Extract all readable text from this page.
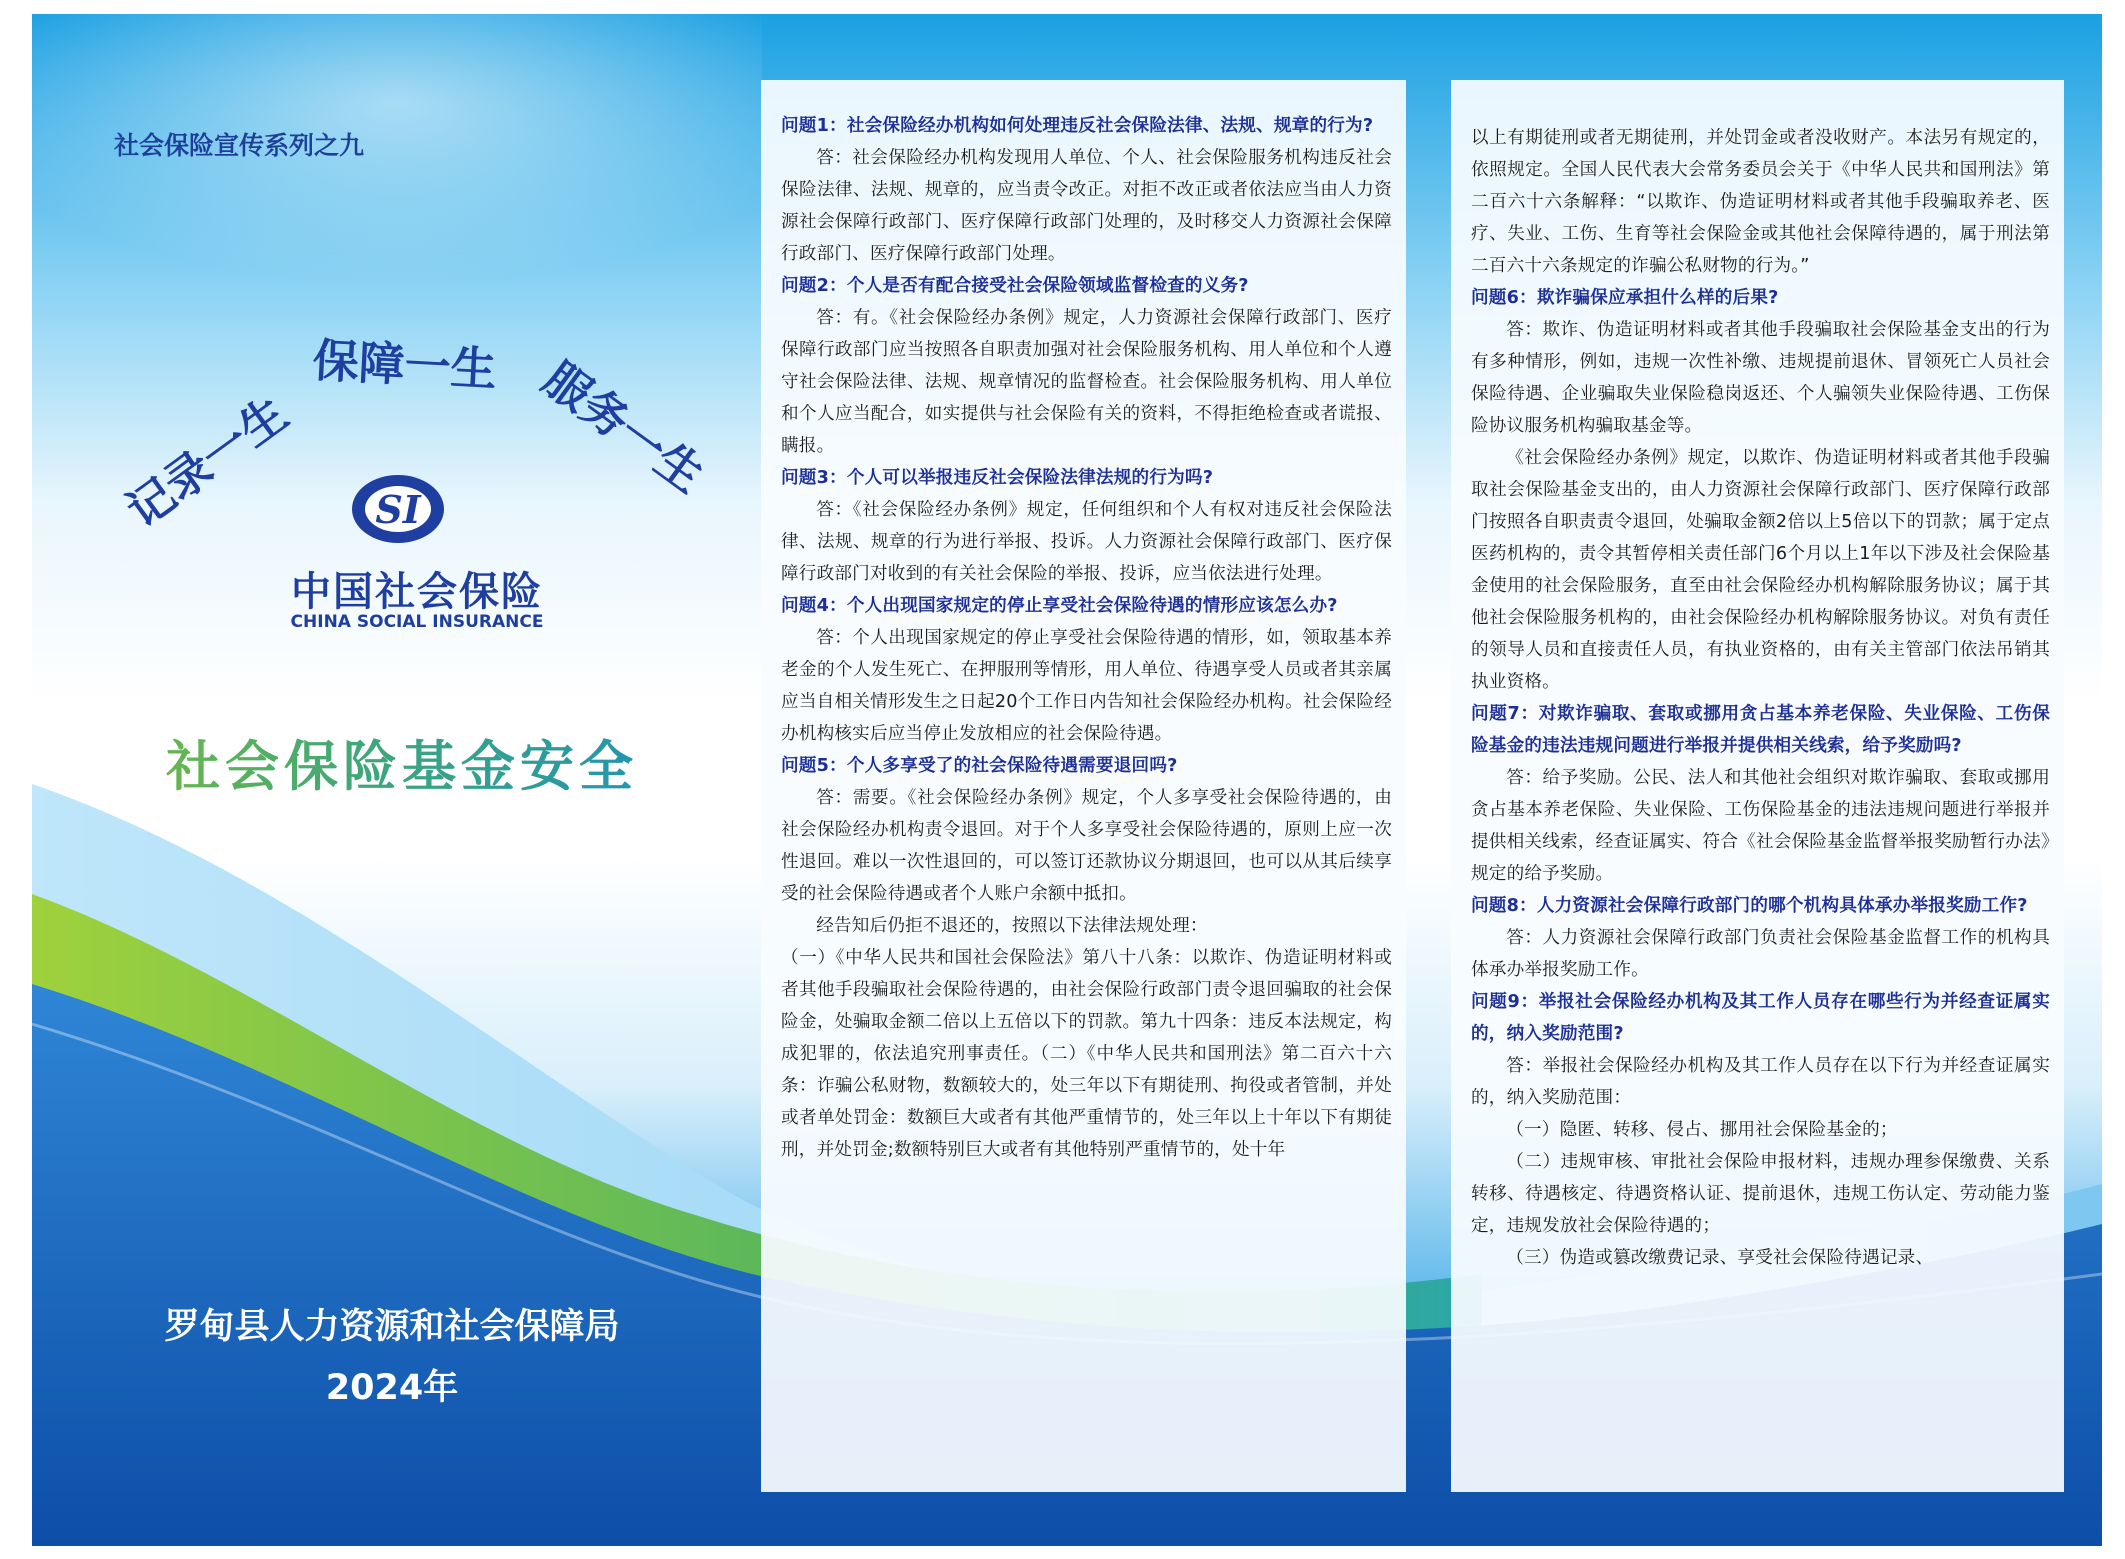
社会保险宣传系列之九
记录一生
保障一生 服务一生
SI
中国社会保险
CHINA SOCIAL INSURANCE
社会保险基金安全
罗甸县人力资源和社会保障局
2024年

问题1：社会保险经办机构如何处理违反社会保险法律、法规、规章的行为?

答：社会保险经办机构发现用人单位、个人、社会保险服务机构违反社会保险法律、法规、规章的，应当责令改正。对拒不改正或者依法应当由人力资源社会保障行政部门、医疗保障行政部门处理的，及时移交人力资源社会保障行政部门、医疗保障行政部门处理。

问题2：个人是否有配合接受社会保险领域监督检查的义务?

答：有。《社会保险经办条例》规定，人力资源社会保障行政部门、医疗保障行政部门应当按照各自职责加强对社会保险服务机构、用人单位和个人遵守社会保险法律、法规、规章情况的监督检查。社会保险服务机构、用人单位和个人应当配合，如实提供与社会保险有关的资料，不得拒绝检查或者谎报、瞒报。

问题3：个人可以举报违反社会保险法律法规的行为吗?

答：《社会保险经办条例》规定，任何组织和个人有权对违反社会保险法律、法规、规章的行为进行举报、投诉。人力资源社会保障行政部门、医疗保障行政部门对收到的有关社会保险的举报、投诉，应当依法进行处理。

问题4：个人出现国家规定的停止享受社会保险待遇的情形应该怎么办?

答：个人出现国家规定的停止享受社会保险待遇的情形，如，领取基本养老金的个人发生死亡、在押服刑等情形，用人单位、待遇享受人员或者其亲属应当自相关情形发生之日起20个工作日内告知社会保险经办机构。社会保险经办机构核实后应当停止发放相应的社会保险待遇。

问题5：个人多享受了的社会保险待遇需要退回吗?

答：需要。《社会保险经办条例》规定，个人多享受社会保险待遇的，由社会保险经办机构责令退回。对于个人多享受社会保险待遇的，原则上应一次性退回。难以一次性退回的，可以签订还款协议分期退回，也可以从其后续享受的社会保险待遇或者个人账户余额中抵扣。

经告知后仍拒不退还的，按照以下法律法规处理：

（一）《中华人民共和国社会保险法》第八十八条：以欺诈、伪造证明材料或者其他手段骗取社会保险待遇的，由社会保险行政部门责令退回骗取的社会保险金，处骗取金额二倍以上五倍以下的罚款。第九十四条：违反本法规定，构成犯罪的，依法追究刑事责任。（二）《中华人民共和国刑法》第二百六十六条：诈骗公私财物，数额较大的，处三年以下有期徒刑、拘役或者管制，并处或者单处罚金：数额巨大或者有其他严重情节的，处三年以上十年以下有期徒刑，并处罚金;数额特别巨大或者有其他特别严重情节的，处十年

以上有期徒刑或者无期徒刑，并处罚金或者没收财产。本法另有规定的，依照规定。全国人民代表大会常务委员会关于《中华人民共和国刑法》第二百六十六条解释：“以欺诈、伪造证明材料或者其他手段骗取养老、医疗、失业、工伤、生育等社会保险金或其他社会保障待遇的，属于刑法第二百六十六条规定的诈骗公私财物的行为。”

问题6：欺诈骗保应承担什么样的后果?

答：欺诈、伪造证明材料或者其他手段骗取社会保险基金支出的行为有多种情形，例如，违规一次性补缴、违规提前退休、冒领死亡人员社会保险待遇、企业骗取失业保险稳岗返还、个人骗领失业保险待遇、工伤保险协议服务机构骗取基金等。

《社会保险经办条例》规定，以欺诈、伪造证明材料或者其他手段骗取社会保险基金支出的，由人力资源社会保障行政部门、医疗保障行政部门按照各自职责责令退回，处骗取金额2倍以上5倍以下的罚款；属于定点医药机构的，责令其暂停相关责任部门6个月以上1年以下涉及社会保险基金使用的社会保险服务，直至由社会保险经办机构解除服务协议；属于其他社会保险服务机构的，由社会保险经办机构解除服务协议。对负有责任的领导人员和直接责任人员，有执业资格的，由有关主管部门依法吊销其执业资格。

问题7：对欺诈骗取、套取或挪用贪占基本养老保险、失业保险、工伤保险基金的违法违规问题进行举报并提供相关线索，给予奖励吗?

答：给予奖励。公民、法人和其他社会组织对欺诈骗取、套取或挪用贪占基本养老保险、失业保险、工伤保险基金的违法违规问题进行举报并提供相关线索，经查证属实、符合《社会保险基金监督举报奖励暂行办法》规定的给予奖励。

问题8：人力资源社会保障行政部门的哪个机构具体承办举报奖励工作?

答：人力资源社会保障行政部门负责社会保险基金监督工作的机构具体承办举报奖励工作。

问题9：举报社会保险经办机构及其工作人员存在哪些行为并经查证属实的，纳入奖励范围?

答：举报社会保险经办机构及其工作人员存在以下行为并经查证属实的，纳入奖励范围：

（一）隐匿、转移、侵占、挪用社会保险基金的；

（二）违规审核、审批社会保险申报材料，违规办理参保缴费、关系转移、待遇核定、待遇资格认证、提前退休，违规工伤认定、劳动能力鉴定，违规发放社会保险待遇的；

（三）伪造或篡改缴费记录、享受社会保险待遇记录、
